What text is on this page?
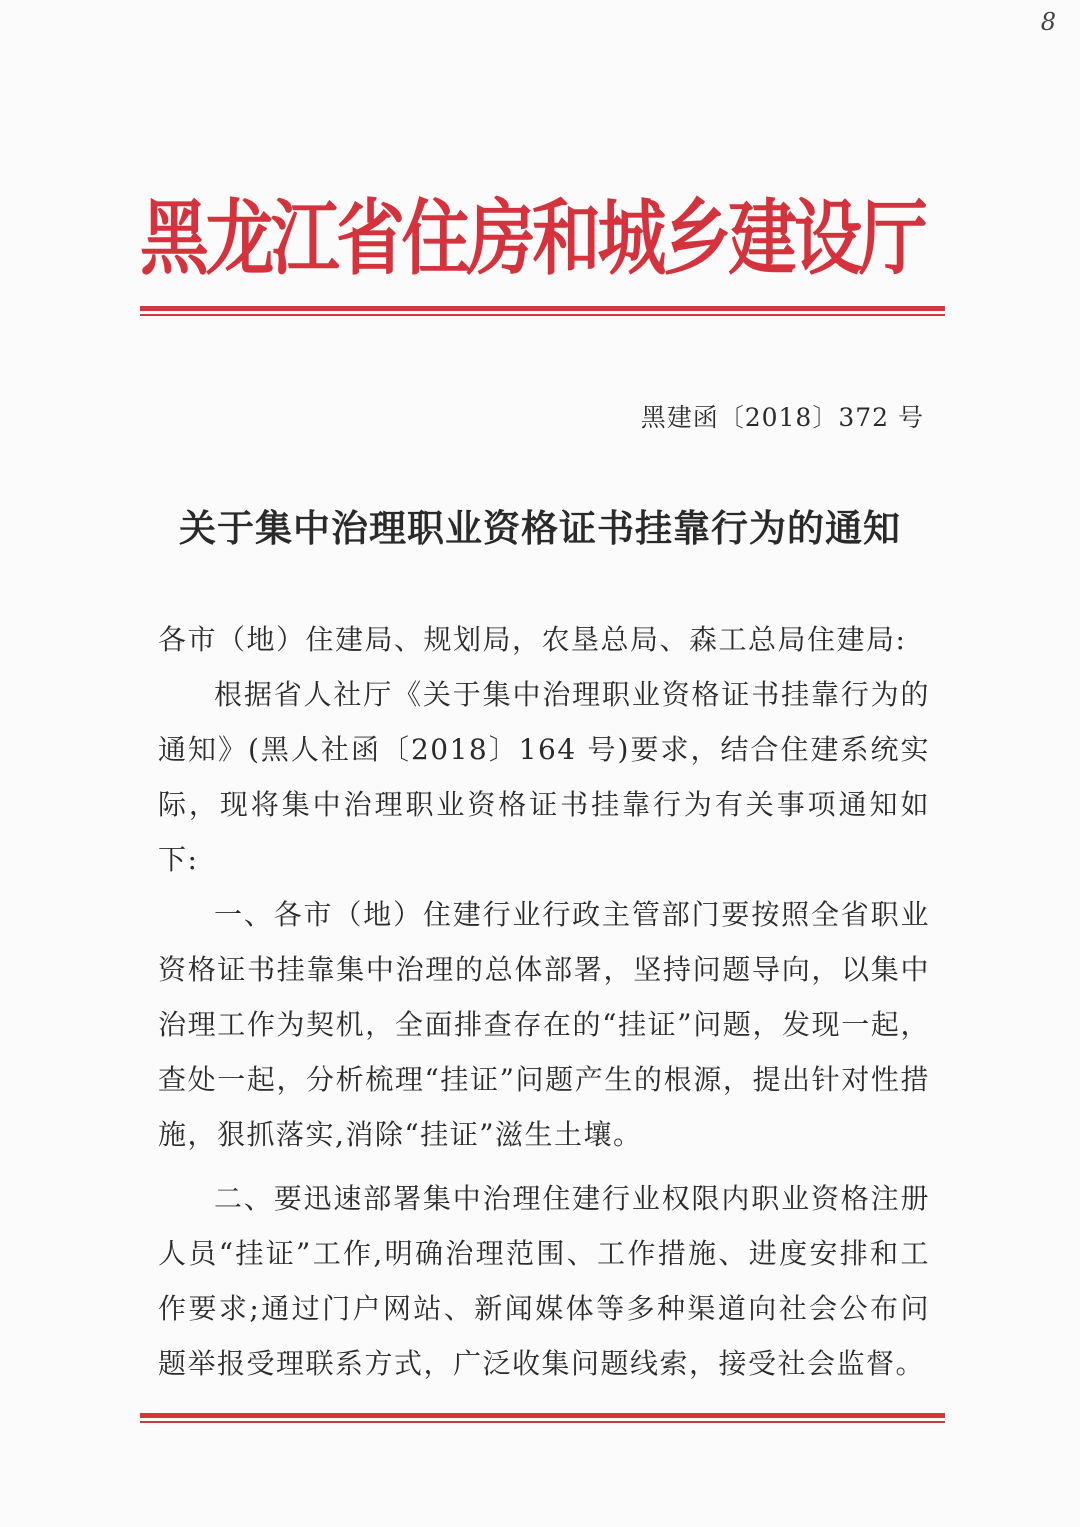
8

黑龙江省住房和城乡建设厅
黑建函〔2018〕372 号
关于集中治理职业资格证书挂靠行为的通知

各市（地）住建局、规划局，农垦总局、森工总局住建局:

根据省人社厅《关于集中治理职业资格证书挂靠行为的通知》(黑人社函〔2018〕164 号)要求，结合住建系统实际，现将集中治理职业资格证书挂靠行为有关事项通知如下:

一、各市（地）住建行业行政主管部门要按照全省职业资格证书挂靠集中治理的总体部署，坚持问题导向，以集中治理工作为契机，全面排查存在的“挂证”问题，发现一起，查处一起，分析梳理“挂证”问题产生的根源，提出针对性措施，狠抓落实,消除“挂证”滋生土壤。

二、要迅速部署集中治理住建行业权限内职业资格注册人员“挂证”工作,明确治理范围、工作措施、进度安排和工作要求;通过门户网站、新闻媒体等多种渠道向社会公布问题举报受理联系方式，广泛收集问题线索，接受社会监督。
